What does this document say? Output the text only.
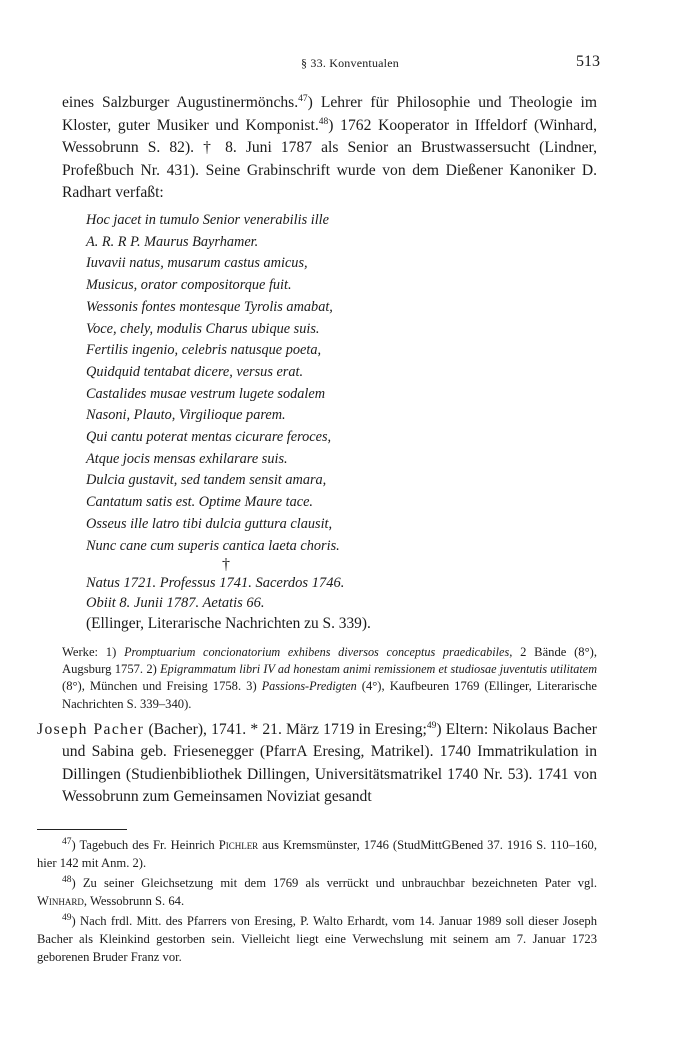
§ 33. Konventualen	513
eines Salzburger Augustinermönchs.$^{47}$) Lehrer für Philosophie und Theologie im Kloster, guter Musiker und Komponist.$^{48}$) 1762 Kooperator in Iffeldorf (Winhard, Wessobrunn S. 82). † 8. Juni 1787 als Senior an Brustwassersucht (Lindner, Profeßbuch Nr. 431). Seine Grabinschrift wurde von dem Dießener Kanoniker D. Radhart verfaßt:
Hoc jacet in tumulo Senior venerabilis ille
A. R. R P. Maurus Bayrhamer.
Iuvavii natus, musarum castus amicus,
Musicus, orator compositorque fuit.
Wessonis fontes montesque Tyrolis amabat,
Voce, chely, modulis Charus ubique suis.
Fertilis ingenio, celebris natusque poeta,
Quidquid tentabat dicere, versus erat.
Castalides musae vestrum lugete sodalem
Nasoni, Plauto, Virgilioque parem.
Qui cantu poterat mentas cicurare feroces,
Atque jocis mensas exhilarare suis.
Dulcia gustavit, sed tandem sensit amara,
Cantatum satis est. Optime Maure tace.
Osseus ille latro tibi dulcia guttura clausit,
Nunc cane cum superis cantica laeta choris.
†
Natus 1721. Professus 1741. Sacerdos 1746.
Obiit 8. Junii 1787. Aetatis 66.
(Ellinger, Literarische Nachrichten zu S. 339).
Werke: 1) Promptuarium concionatorium exhibens diversos conceptus praedicabiles, 2 Bände (8°), Augsburg 1757. 2) Epigrammatum libri IV ad honestam animi remissionem et studiosae juventutis utilitatem (8°), München und Freising 1758. 3) Passions-Predigten (4°), Kaufbeuren 1769 (Ellinger, Literarische Nachrichten S. 339–340).
Joseph Pacher (Bacher), 1741. * 21. März 1719 in Eresing;$^{49}$) Eltern: Nikolaus Bacher und Sabina geb. Friesenegger (PfarrA Eresing, Matrikel). 1740 Immatrikulation in Dillingen (Studienbibliothek Dillingen, Universitätsmatrikel 1740 Nr. 53). 1741 von Wessobrunn zum Gemeinsamen Noviziat gesandt
$^{47}$) Tagebuch des Fr. Heinrich Pichler aus Kremsmünster, 1746 (StudMittGBened 37. 1916 S. 110–160, hier 142 mit Anm. 2).
$^{48}$) Zu seiner Gleichsetzung mit dem 1769 als verrückt und unbrauchbar bezeichneten Pater vgl. Winhard, Wessobrunn S. 64.
$^{49}$) Nach frdl. Mitt. des Pfarrers von Eresing, P. Walto Erhardt, vom 14. Januar 1989 soll dieser Joseph Bacher als Kleinkind gestorben sein. Vielleicht liegt eine Verwechslung mit seinem am 7. Januar 1723 geborenen Bruder Franz vor.
